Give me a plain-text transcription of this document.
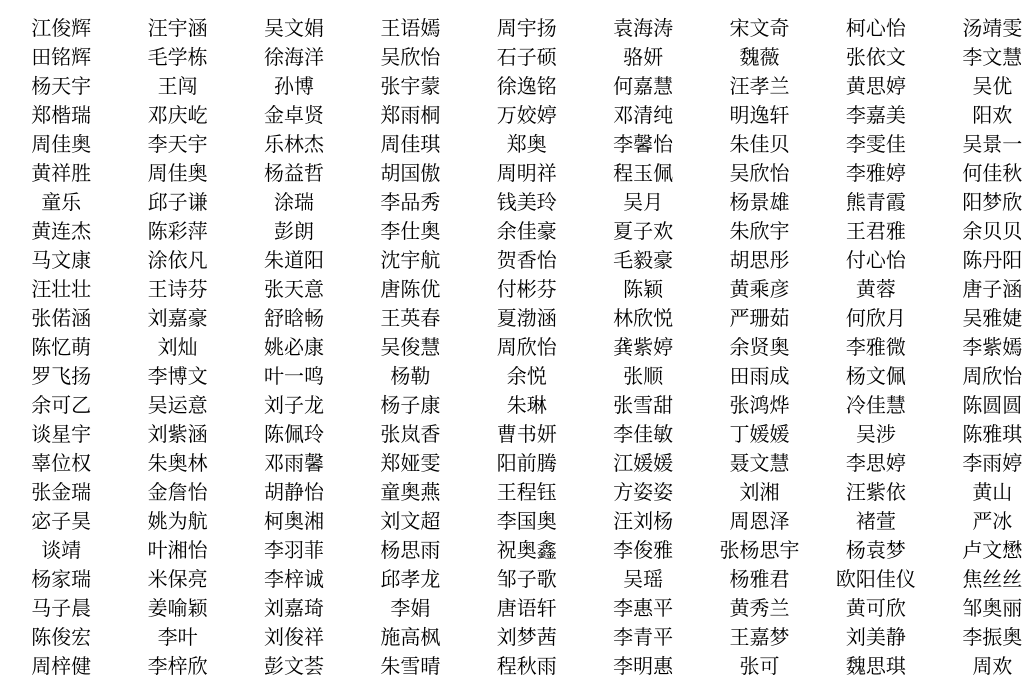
江俊辉	汪宇涵	吴文娟	王语嫣	周宇扬	袁海涛	宋文奇	柯心怡	汤靖雯
田铭辉	毛学栋	徐海洋	吴欣怡	石子硕	骆妍	魏薇	张依文	李文慧
杨天宇	王闯	孙博	张宇蒙	徐逸铭	何嘉慧	汪孝兰	黄思婷	吴优
郑楷瑞	邓庆屹	金卓贤	郑雨桐	万姣婷	邓清纯	明逸轩	李嘉美	阳欢
周佳奥	李天宇	乐林杰	周佳琪	郑奥	李馨怡	朱佳贝	李雯佳	吴景一
黄祥胜	周佳奥	杨益哲	胡国傲	周明祥	程玉佩	吴欣怡	李雅婷	何佳秋
童乐	邱子谦	涂瑞	李品秀	钱美玲	吴月	杨景雄	熊青霞	阳梦欣
黄连杰	陈彩萍	彭朗	李仕奥	余佳豪	夏子欢	朱欣宇	王君雅	余贝贝
马文康	涂依凡	朱道阳	沈宇航	贺香怡	毛毅豪	胡思彤	付心怡	陈丹阳
汪壮壮	王诗芬	张天意	唐陈优	付彬芬	陈颖	黄乘彦	黄蓉	唐子涵
张偌涵	刘嘉豪	舒晗畅	王英春	夏渤涵	林欣悦	严珊茹	何欣月	吴雅婕
陈忆萌	刘灿	姚必康	吴俊慧	周欣怡	龚紫婷	余贤奥	李雅微	李紫嫣
罗飞扬	李博文	叶一鸣	杨勒	余悦	张顺	田雨成	杨文佩	周欣怡
余可乙	吴运意	刘子龙	杨子康	朱琳	张雪甜	张鸿烨	冷佳慧	陈圆圆
谈星宇	刘紫涵	陈佩玲	张岚香	曹书妍	李佳敏	丁媛媛	吴涉	陈雅琪
辜位权	朱奥林	邓雨馨	郑娅雯	阳前腾	江媛媛	聂文慧	李思婷	李雨婷
张金瑞	金詹怡	胡静怡	童奥燕	王程钰	方姿姿	刘湘	汪紫依	黄山
宓子昊	姚为航	柯奥湘	刘文超	李国奥	汪刘杨	周恩泽	褚萱	严冰
谈靖	叶湘怡	李羽菲	杨思雨	祝奥鑫	李俊雅	张杨思宇	杨袁梦	卢文懋
杨家瑞	米保亮	李梓诚	邱孝龙	邹子歌	吴瑶	杨雅君	欧阳佳仪	焦丝丝
马子晨	姜喻颖	刘嘉琦	李娟	唐语轩	李惠平	黄秀兰	黄可欣	邹奥丽
陈俊宏	李叶	刘俊祥	施高枫	刘梦茜	李青平	王嘉梦	刘美静	李振奥
周梓健	李梓欣	彭文荟	朱雪晴	程秋雨	李明惠	张可	魏思琪	周欢
